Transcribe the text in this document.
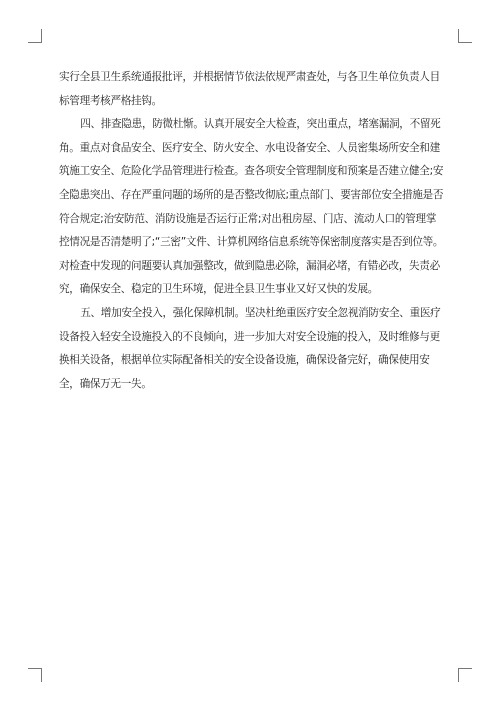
实行全县卫生系统通报批评，并根据情节依法依规严肃查处，与各卫生单位负责人目标管理考核严格挂钩。

四、排查隐患，防微杜惭。认真开展安全大检查，突出重点，堵塞漏洞，不留死角。重点对食品安全、医疗安全、防火安全、水电设备安全、人员密集场所安全和建筑施工安全、危险化学品管理进行检查。查各项安全管理制度和预案是否建立健全;安全隐患突出、存在严重问题的场所的是否整改彻底;重点部门、要害部位安全措施是否符合规定;治安防范、消防设施是否运行正常;对出租房屋、门店、流动人口的管理掌控情况是否清楚明了;“三密”文件、计算机网络信息系统等保密制度落实是否到位等。对检查中发现的问题要认真加强整改，做到隐患必除，漏洞必堵，有错必改，失责必究，确保安全、稳定的卫生环境，促进全县卫生事业又好又快的发展。

五、增加安全投入，强化保障机制。坚决杜绝重医疗安全忽视消防安全、重医疗设备投入轻安全设施投入的不良倾向，进一步加大对安全设施的投入，及时维修与更换相关设备，根据单位实际配备相关的安全设备设施，确保设备完好，确保使用安全，确保万无一失。
